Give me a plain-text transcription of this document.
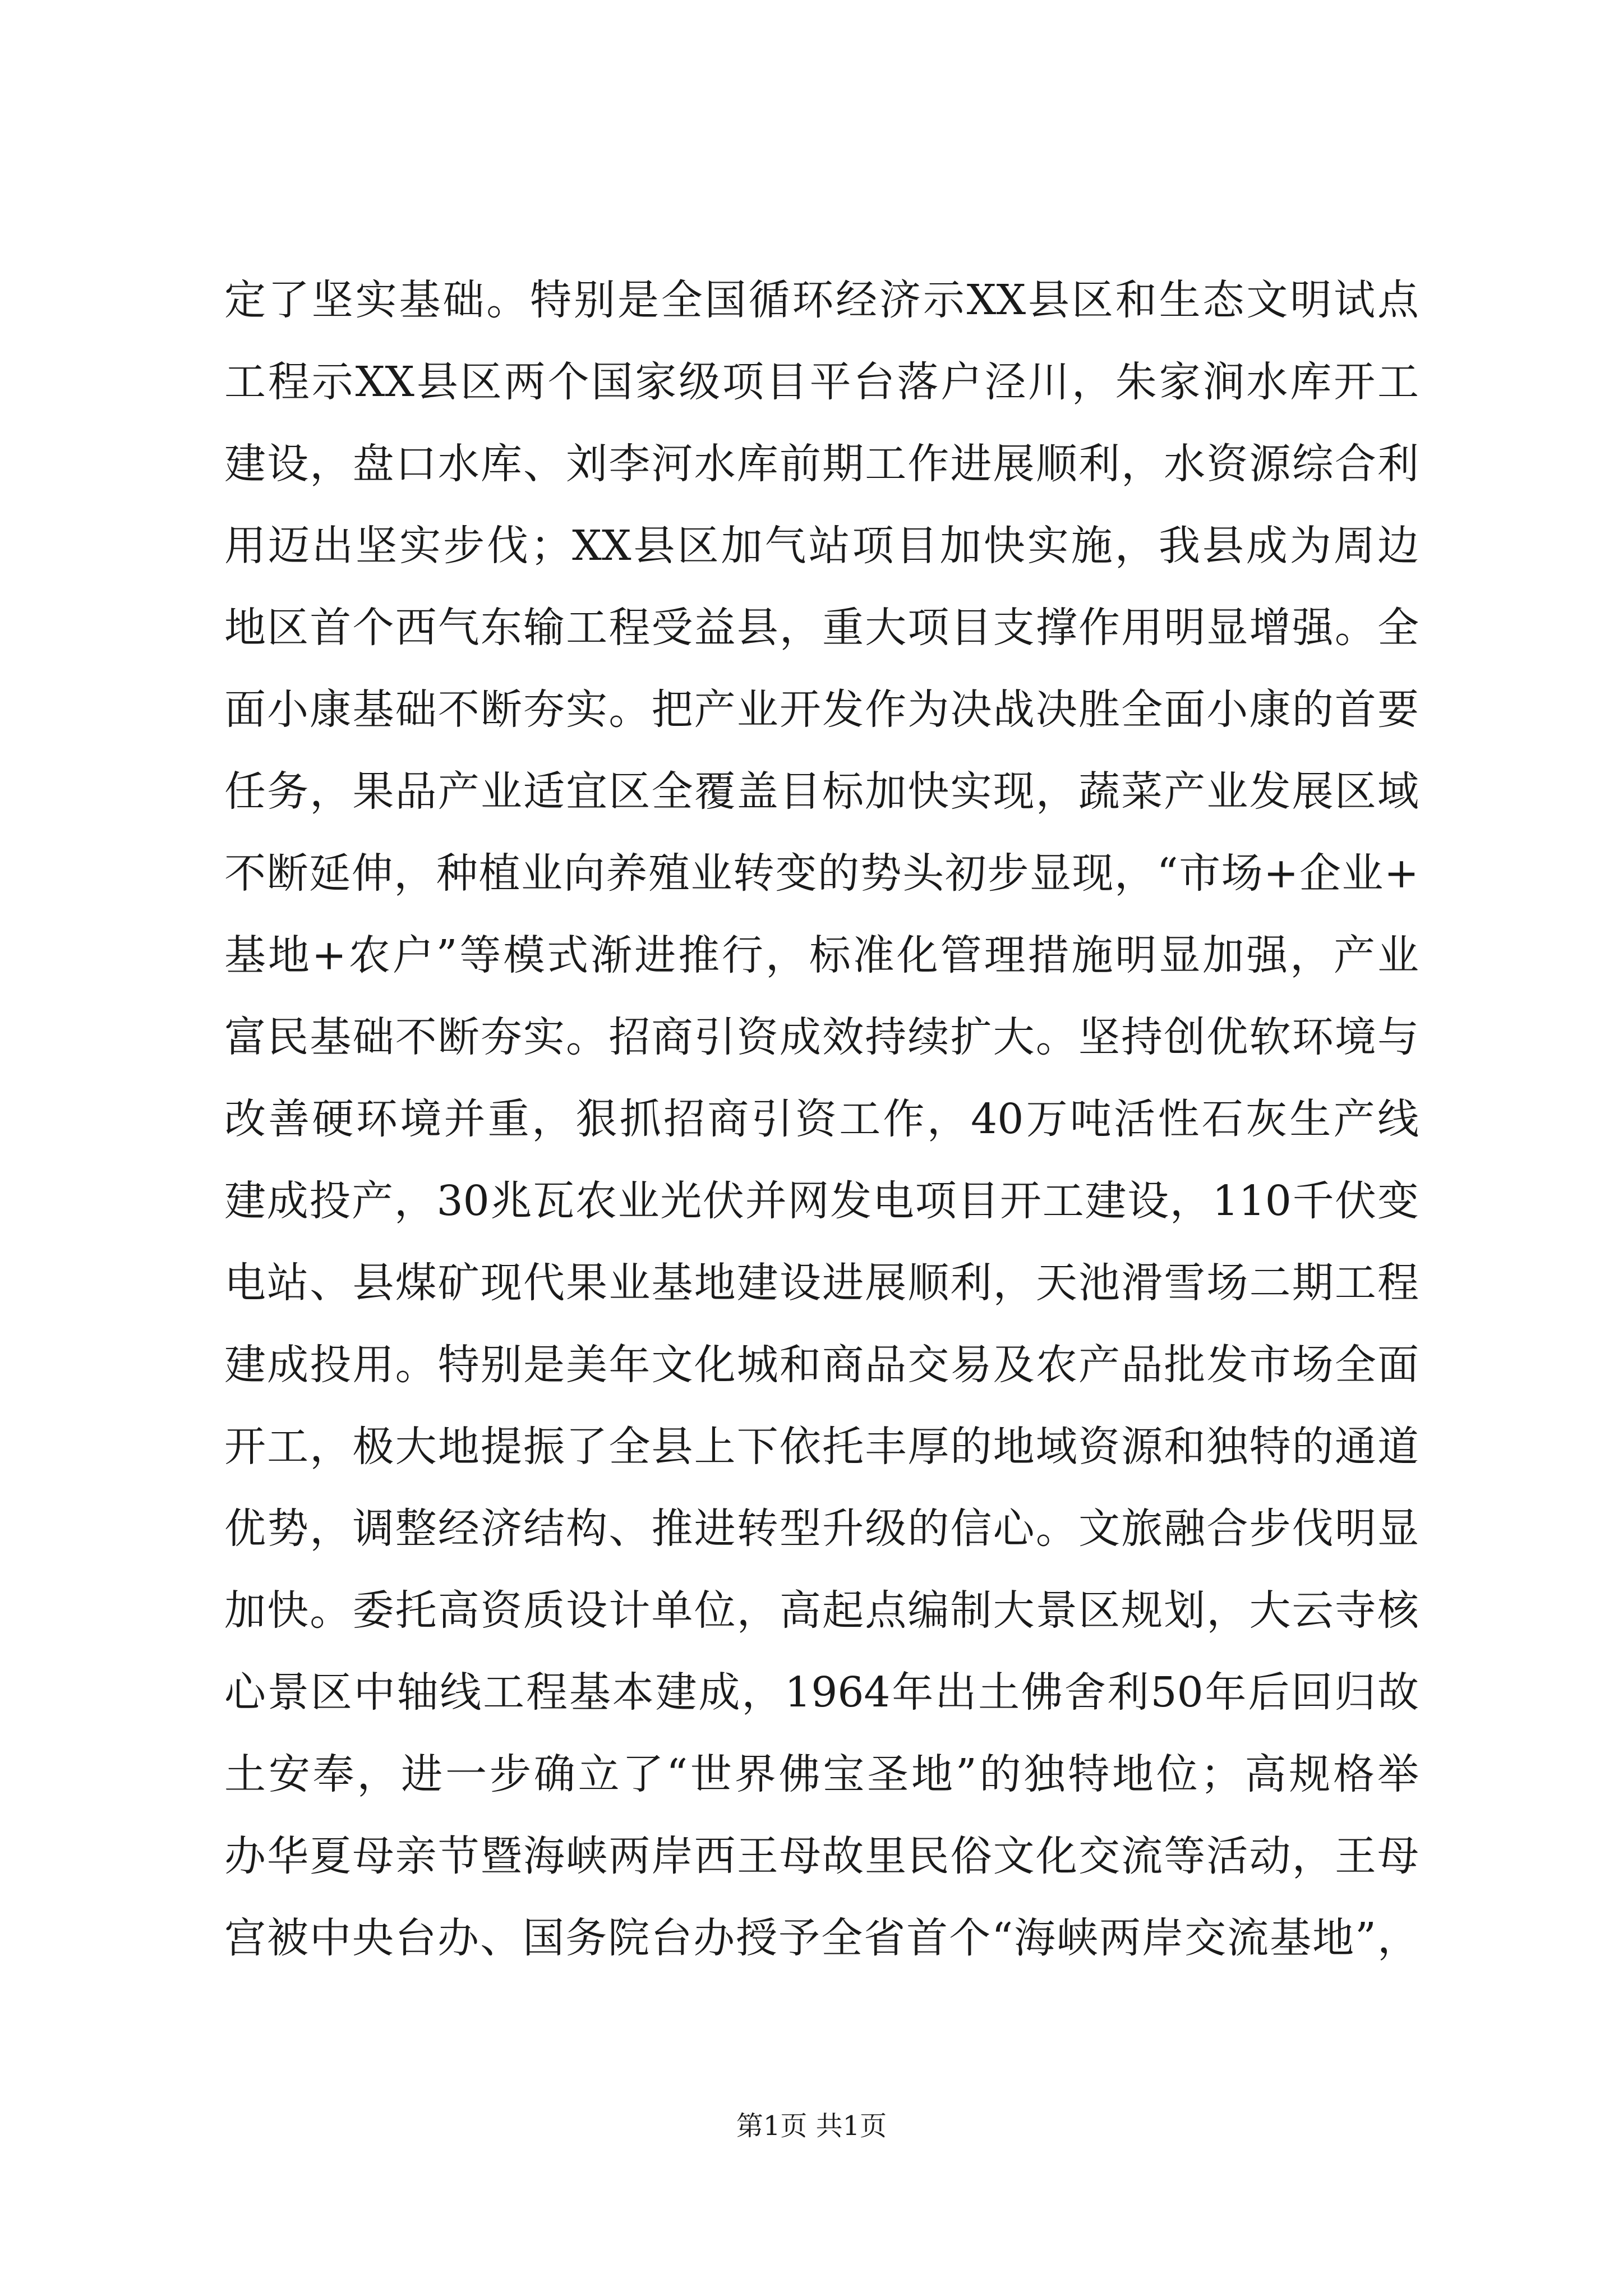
定了坚实基础。特别是全国循环经济示XX县区和生态文明试点
工程示XX县区两个国家级项目平台落户泾川，朱家涧水库开工
建设，盘口水库、刘李河水库前期工作进展顺利，水资源综合利
用迈出坚实步伐；XX县区加气站项目加快实施，我县成为周边
地区首个西气东输工程受益县，重大项目支撑作用明显增强。全
面小康基础不断夯实。把产业开发作为决战决胜全面小康的首要
任务，果品产业适宜区全覆盖目标加快实现，蔬菜产业发展区域
不断延伸，种植业向养殖业转变的势头初步显现，“市场+企业+
基地+农户”等模式渐进推行，标准化管理措施明显加强，产业
富民基础不断夯实。招商引资成效持续扩大。坚持创优软环境与
改善硬环境并重，狠抓招商引资工作，40万吨活性石灰生产线
建成投产，30兆瓦农业光伏并网发电项目开工建设，110千伏变
电站、县煤矿现代果业基地建设进展顺利，天池滑雪场二期工程
建成投用。特别是美年文化城和商品交易及农产品批发市场全面
开工，极大地提振了全县上下依托丰厚的地域资源和独特的通道
优势，调整经济结构、推进转型升级的信心。文旅融合步伐明显
加快。委托高资质设计单位，高起点编制大景区规划，大云寺核
心景区中轴线工程基本建成，1964年出土佛舍利50年后回归故
土安奉，进一步确立了“世界佛宝圣地”的独特地位；高规格举
办华夏母亲节暨海峡两岸西王母故里民俗文化交流等活动，王母
宫被中央台办、国务院台办授予全省首个“海峡两岸交流基地”，
第1页 共1页
